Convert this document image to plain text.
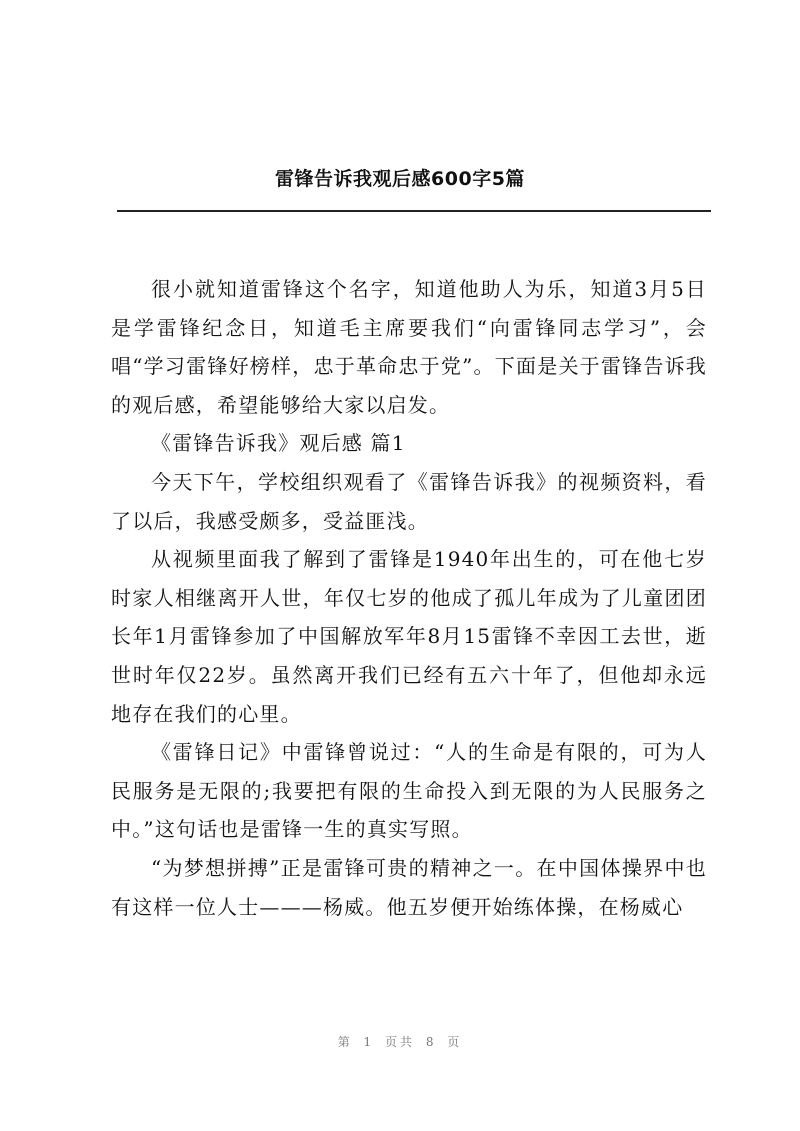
雷锋告诉我观后感600字5篇

很小就知道雷锋这个名字，知道他助人为乐，知道3月5日是学雷锋纪念日，知道毛主席要我们“向雷锋同志学习”，会唱“学习雷锋好榜样，忠于革命忠于党”。下面是关于雷锋告诉我的观后感，希望能够给大家以启发。

《雷锋告诉我》观后感 篇1

今天下午，学校组织观看了《雷锋告诉我》的视频资料，看了以后，我感受颇多，受益匪浅。

从视频里面我了解到了雷锋是1940年出生的，可在他七岁时家人相继离开人世，年仅七岁的他成了孤儿年成为了儿童团团长年1月雷锋参加了中国解放军年8月15雷锋不幸因工去世，逝世时年仅22岁。虽然离开我们已经有五六十年了，但他却永远地存在我们的心里。

《雷锋日记》中雷锋曾说过：“人的生命是有限的，可为人民服务是无限的;我要把有限的生命投入到无限的为人民服务之中。”这句话也是雷锋一生的真实写照。

“为梦想拼搏”正是雷锋可贵的精神之一。在中国体操界中也有这样一位人士———杨威。他五岁便开始练体操，在杨威心

第 1 页共 8 页
